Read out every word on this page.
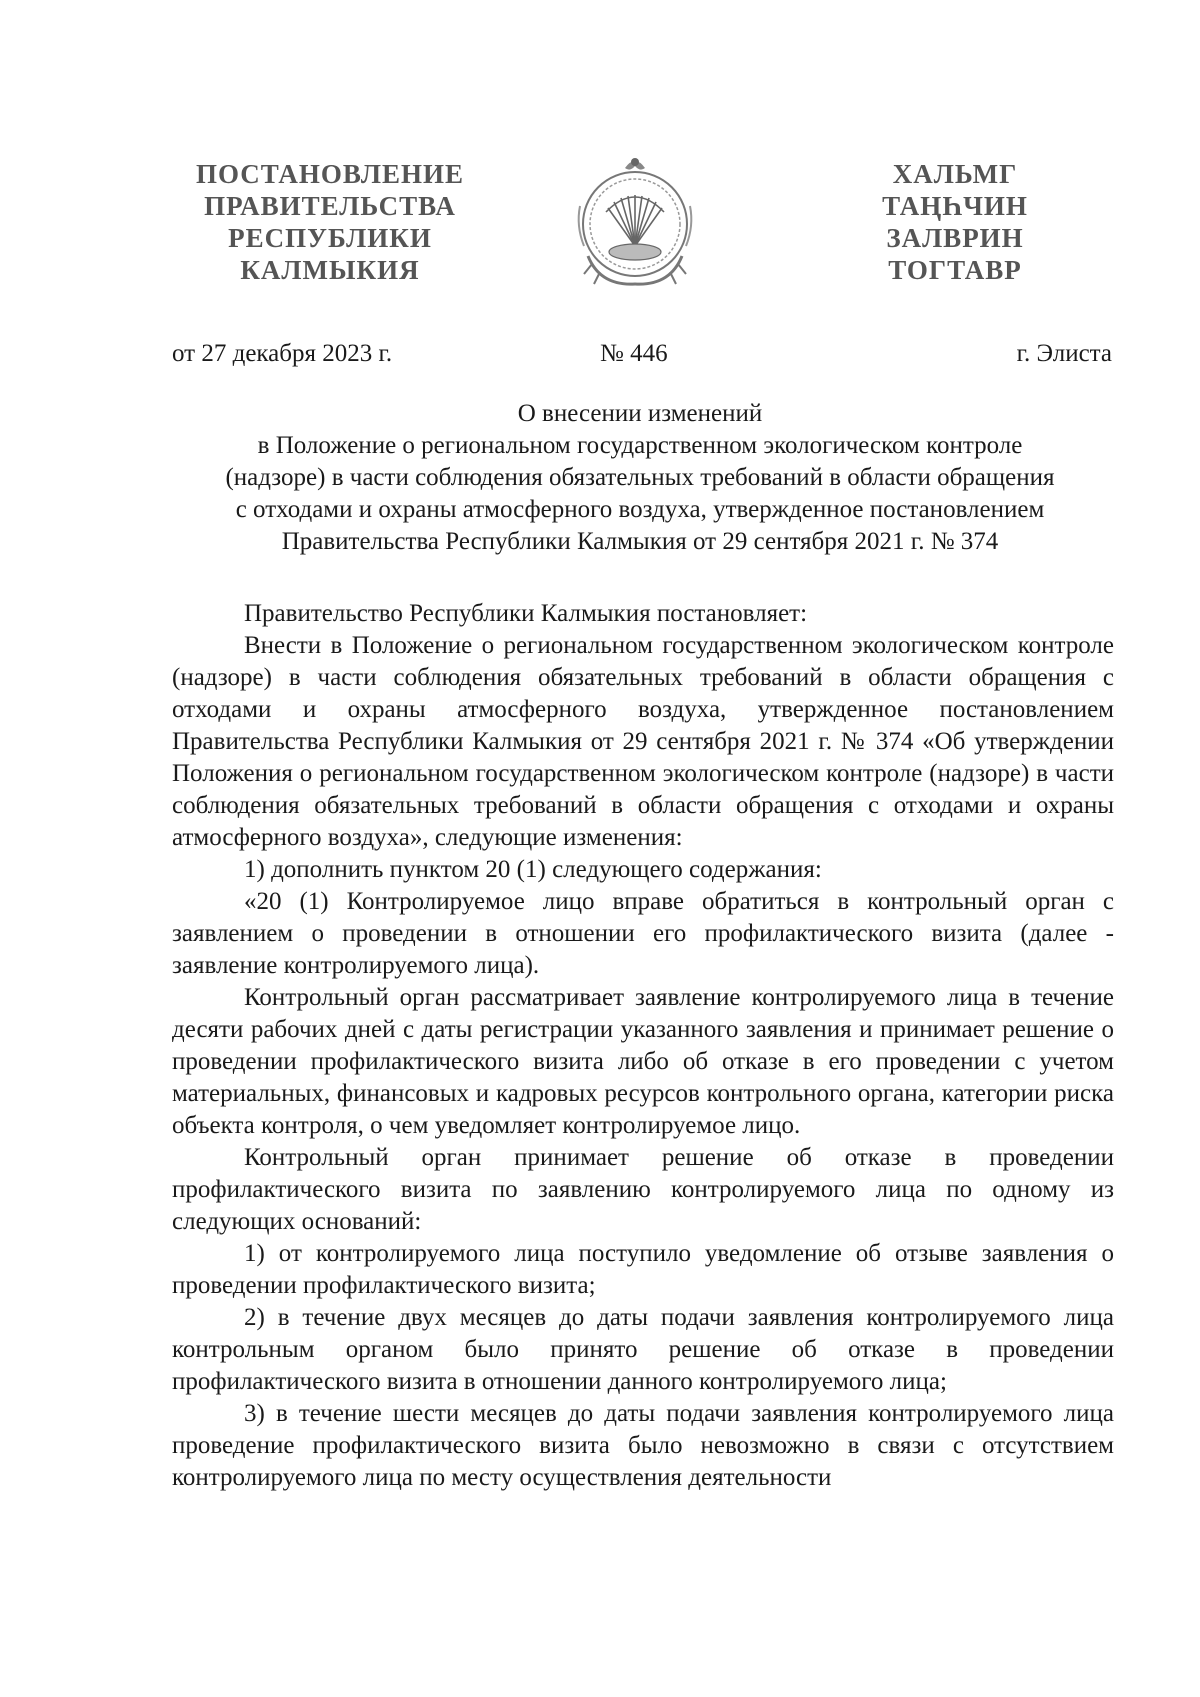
ПОСТАНОВЛЕНИЕ
ПРАВИТЕЛЬСТВА
РЕСПУБЛИКИ
КАЛМЫКИЯ
ХАЛЬМГ
ТАҢҺЧИН
ЗАЛВРИН
ТОГТАВР
от 27 декабря 2023 г.	№ 446	г. Элиста
О внесении изменений
в Положение о региональном государственном экологическом контроле
(надзоре) в части соблюдения обязательных требований в области обращения
с отходами и охраны атмосферного воздуха, утвержденное постановлением
Правительства Республики Калмыкия от 29 сентября 2021 г. № 374

Правительство Республики Калмыкия постановляет:

Внести в Положение о региональном государственном экологическом контроле (надзоре) в части соблюдения обязательных требований в области обращения с отходами и охраны атмосферного воздуха, утвержденное постановлением Правительства Республики Калмыкия от 29 сентября 2021 г. № 374 «Об утверждении Положения о региональном государственном экологическом контроле (надзоре) в части соблюдения обязательных требований в области обращения с отходами и охраны атмосферного воздуха», следующие изменения:

1) дополнить пунктом 20 (1) следующего содержания:

«20 (1) Контролируемое лицо вправе обратиться в контрольный орган с заявлением о проведении в отношении его профилактического визита (далее - заявление контролируемого лица).

Контрольный орган рассматривает заявление контролируемого лица в течение десяти рабочих дней с даты регистрации указанного заявления и принимает решение о проведении профилактического визита либо об отказе в его проведении с учетом материальных, финансовых и кадровых ресурсов контрольного органа, категории риска объекта контроля, о чем уведомляет контролируемое лицо.

Контрольный орган принимает решение об отказе в проведении профилактического визита по заявлению контролируемого лица по одному из следующих оснований:

1) от контролируемого лица поступило уведомление об отзыве заявления о проведении профилактического визита;

2) в течение двух месяцев до даты подачи заявления контролируемого лица контрольным органом было принято решение об отказе в проведении профилактического визита в отношении данного контролируемого лица;

3) в течение шести месяцев до даты подачи заявления контролируемого лица проведение профилактического визита было невозможно в связи с отсутствием контролируемого лица по месту осуществления деятельности
